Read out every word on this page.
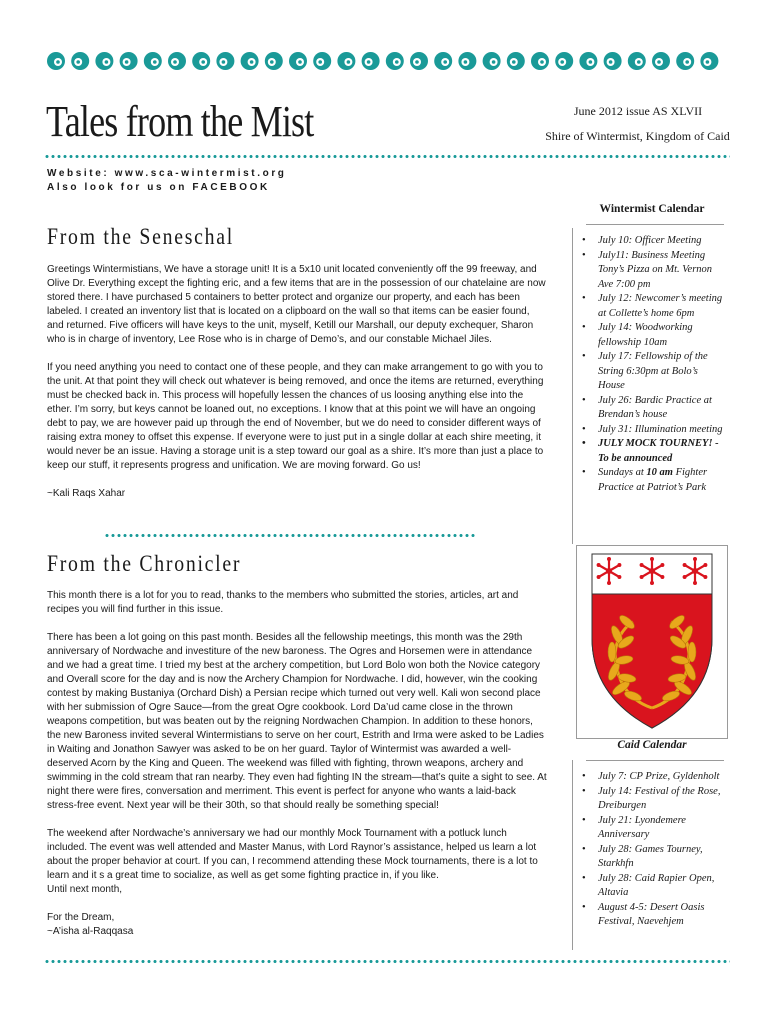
Tales from the Mist	June 2012 issue AS XLVII
Shire of Wintermist, Kingdom of Caid
Website: www.sca-wintermist.org
Also look for us on FACEBOOK
From the Seneschal

Greetings Wintermistians, We have a storage unit! It is a 5x10 unit located conveniently off the 99 freeway, and Olive Dr. Everything except the fighting eric, and a few items that are in the possession of our chatelaine are now stored there. I have purchased 5 containers to better protect and organize our property, and each has been labeled. I created an inventory list that is located on a clipboard on the wall so that items can be easier found, and returned. Five officers will have keys to the unit, myself, Ketill our Marshall, our deputy exchequer, Sharon who is in charge of inventory, Lee Rose who is in charge of Demo’s, and our constable Michael Jiles.

If you need anything you need to contact one of these people, and they can make arrangement to go with you to the unit. At that point they will check out whatever is being removed, and once the items are returned, everything must be checked back in. This process will hopefully lessen the chances of us loosing anything else into the ether. I’m sorry, but keys cannot be loaned out, no exceptions. I know that at this point we will have an ongoing debt to pay, we are however paid up through the end of November, but we do need to consider different ways of raising extra money to offset this expense. If everyone were to just put in a single dollar at each shire meeting, it would never be an issue. Having a storage unit is a step toward our goal as a shire. It’s more than just a place to keep our stuff, it represents progress and unification. We are moving forward. Go us!

~Kali Raqs Xahar

From the Chronicler

This month there is a lot for you to read, thanks to the members who submitted the stories, articles, art and recipes you will find further in this issue.

There has been a lot going on this past month. Besides all the fellowship meetings, this month was the 29th anniversary of Nordwache and investiture of the new baroness. The Ogres and Horsemen were in attendance and we had a great time. I tried my best at the archery competition, but Lord Bolo won both the Novice category and Overall score for the day and is now the Archery Champion for Nordwache. I did, however, win the cooking contest by making Bustaniya (Orchard Dish) a Persian recipe which turned out very well. Kali won second place with her submission of Ogre Sauce—from the great Ogre cookbook. Lord Da’ud came close in the thrown weapons competition, but was beaten out by the reigning Nordwachen Champion. In addition to these honors, the new Baroness invited several Wintermistians to serve on her court, Estrith and Irma were asked to be Ladies in Waiting and Jonathon Sawyer was asked to be on her guard. Taylor of Wintermist was awarded a well-deserved Acorn by the King and Queen. The weekend was filled with fighting, thrown weapons, archery and swimming in the cold stream that ran nearby. They even had fighting IN the stream—that’s quite a sight to see. At night there were fires, conversation and merriment. This event is perfect for anyone who wants a laid-back stress-free event. Next year will be their 30th, so that should really be something special!

The weekend after Nordwache’s anniversary we had our monthly Mock Tournament with a potluck lunch included. The event was well attended and Master Manus, with Lord Raynor’s assistance, helped us learn a lot about the proper behavior at court. If you can, I recommend attending these Mock tournaments, there is a lot to learn and it s a great time to socialize, as well as get some fighting practice in, if you like.

Until next month,

For the Dream,

~A’isha al-Raqqasa

Wintermist Calendar
• July 10: Officer Meeting
• July11: Business Meeting Tony’s Pizza on Mt. Vernon Ave 7:00 pm
• July 12: Newcomer’s meeting at Collette’s home 6pm
• July 14: Woodworking fellowship 10am
• July 17: Fellowship of the String 6:30pm at Bolo’s House
• July 26: Bardic Practice at Brendan’s house
• July 31: Illumination meeting
• JULY MOCK TOURNEY! - To be announced
• Sundays at 10 am Fighter Practice at Patriot’s Park
Caid Calendar
• July 7: CP Prize, Gyldenholt
• July 14: Festival of the Rose, Dreiburgen
• July 21: Lyondemere Anniversary
• July 28: Games Tourney, Starkhfn
• July 28: Caid Rapier Open, Altavia
• August 4-5: Desert Oasis Festival, Naevehjem
